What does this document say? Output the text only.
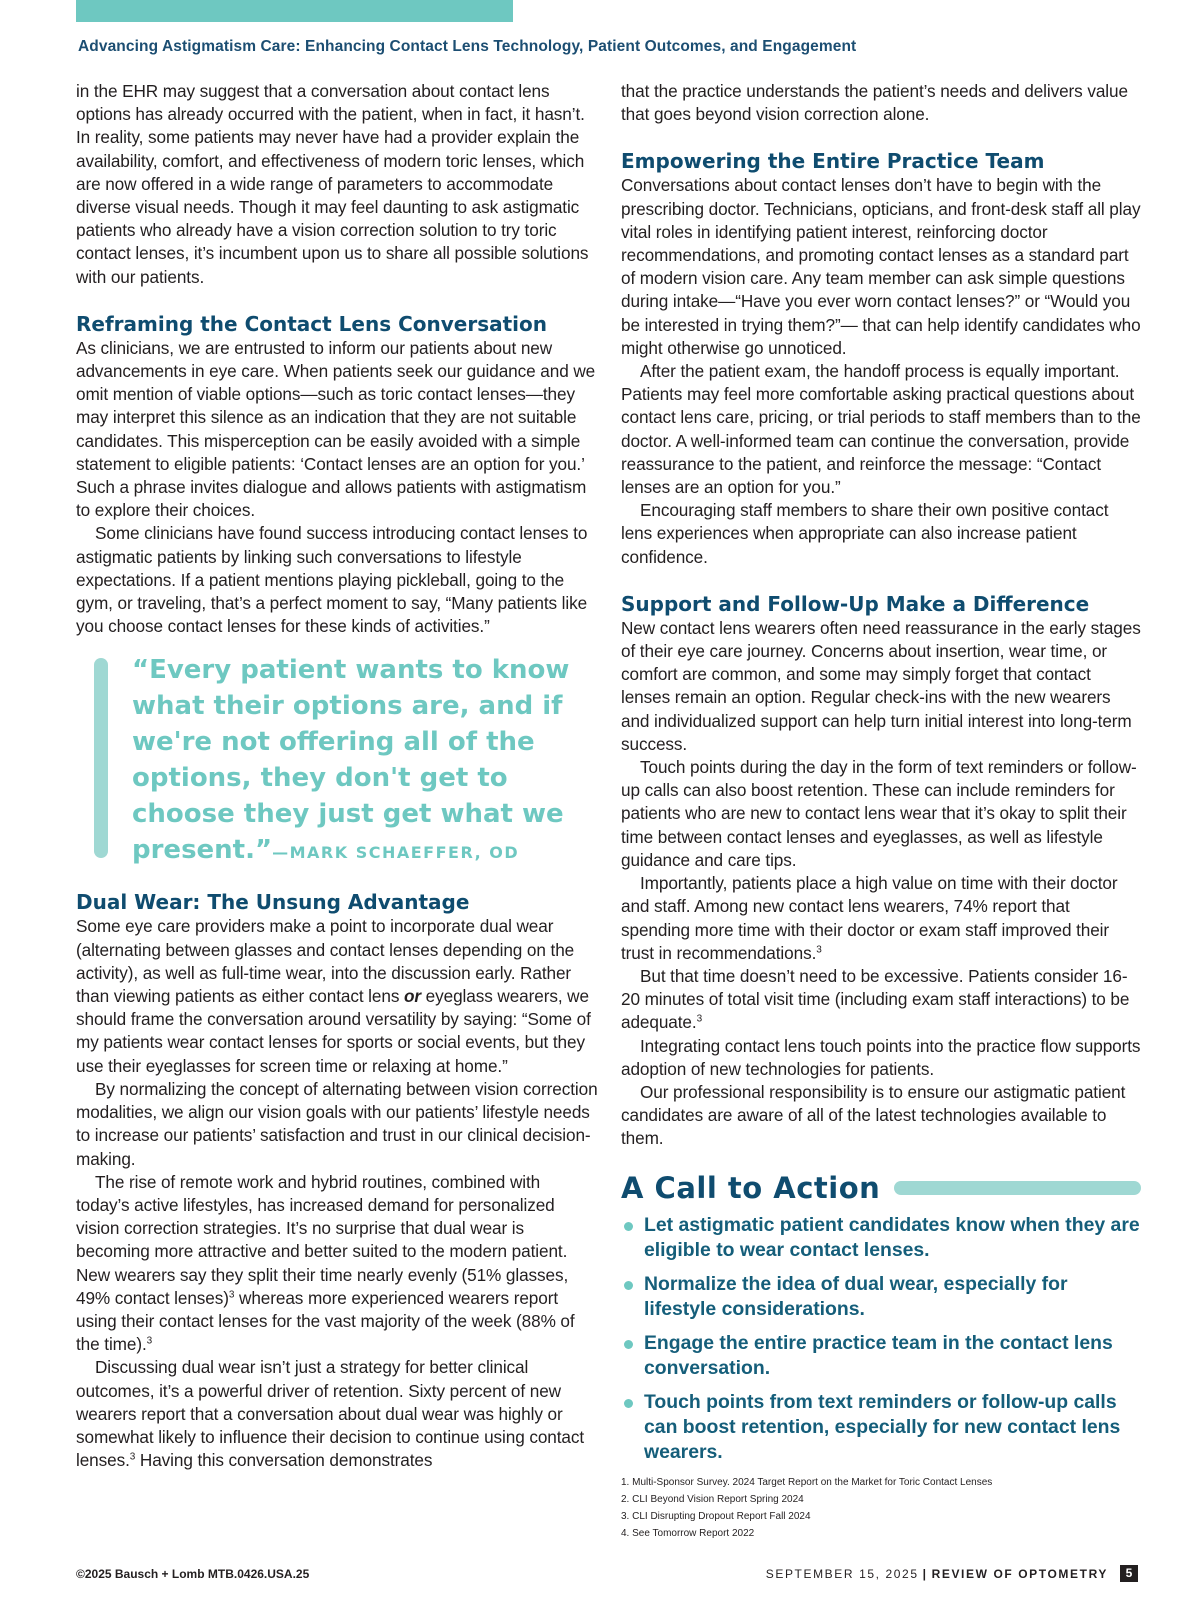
Advancing Astigmatism Care: Enhancing Contact Lens Technology, Patient Outcomes, and Engagement

in the EHR may suggest that a conversation about contact lens options has already occurred with the patient, when in fact, it hasn’t. In reality, some patients may never have had a provider explain the availability, comfort, and effectiveness of modern toric lenses, which are now offered in a wide range of parameters to accommodate diverse visual needs. Though it may feel daunting to ask astigmatic patients who already have a vision correction solution to try toric contact lenses, it’s incumbent upon us to share all possible solutions with our patients.

Reframing the Contact Lens Conversation

As clinicians, we are entrusted to inform our patients about new advancements in eye care. When patients seek our guidance and we omit mention of viable options—such as toric contact lenses—they may interpret this silence as an indication that they are not suitable candidates. This misperception can be easily avoided with a simple statement to eligible patients: ‘Contact lenses are an option for you.’ Such a phrase invites dialogue and allows patients with astigmatism to explore their choices.

Some clinicians have found success introducing contact lenses to astigmatic patients by linking such conversations to lifestyle expectations. If a patient mentions playing pickleball, going to the gym, or traveling, that’s a perfect moment to say, “Many patients like you choose contact lenses for these kinds of activities.”

“Every patient wants to know what their options are, and if we're not offering all of the options, they don't get to choose they just get what we present.”—MARK SCHAEFFER, OD
Dual Wear: The Unsung Advantage

Some eye care providers make a point to incorporate dual wear (alternating between glasses and contact lenses depending on the activity), as well as full-time wear, into the discussion early. Rather than viewing patients as either contact lens or eyeglass wearers, we should frame the conversation around versatility by saying: “Some of my patients wear contact lenses for sports or social events, but they use their eyeglasses for screen time or relaxing at home.”

By normalizing the concept of alternating between vision correction modalities, we align our vision goals with our patients’ lifestyle needs to increase our patients’ satisfaction and trust in our clinical decision-making.

The rise of remote work and hybrid routines, combined with today’s active lifestyles, has increased demand for personalized vision correction strategies. It’s no surprise that dual wear is becoming more attractive and better suited to the modern patient. New wearers say they split their time nearly evenly (51% glasses, 49% contact lenses)$^3$ whereas more experienced wearers report using their contact lenses for the vast majority of the week (88% of the time).$^3$

Discussing dual wear isn’t just a strategy for better clinical outcomes, it’s a powerful driver of retention. Sixty percent of new wearers report that a conversation about dual wear was highly or somewhat likely to influence their decision to continue using contact lenses.$^3$ Having this conversation demonstrates

that the practice understands the patient’s needs and delivers value that goes beyond vision correction alone.

Empowering the Entire Practice Team

Conversations about contact lenses don’t have to begin with the prescribing doctor. Technicians, opticians, and front-desk staff all play vital roles in identifying patient interest, reinforcing doctor recommendations, and promoting contact lenses as a standard part of modern vision care. Any team member can ask simple questions during intake—“Have you ever worn contact lenses?” or “Would you be interested in trying them?”— that can help identify candidates who might otherwise go unnoticed.

After the patient exam, the handoff process is equally important. Patients may feel more comfortable asking practical questions about contact lens care, pricing, or trial periods to staff members than to the doctor. A well-informed team can continue the conversation, provide reassurance to the patient, and reinforce the message: “Contact lenses are an option for you.”

Encouraging staff members to share their own positive contact lens experiences when appropriate can also increase patient confidence.

Support and Follow-Up Make a Difference

New contact lens wearers often need reassurance in the early stages of their eye care journey. Concerns about insertion, wear time, or comfort are common, and some may simply forget that contact lenses remain an option. Regular check-ins with the new wearers and individualized support can help turn initial interest into long-term success.

Touch points during the day in the form of text reminders or follow-up calls can also boost retention. These can include reminders for patients who are new to contact lens wear that it’s okay to split their time between contact lenses and eyeglasses, as well as lifestyle guidance and care tips.

Importantly, patients place a high value on time with their doctor and staff. Among new contact lens wearers, 74% report that spending more time with their doctor or exam staff improved their trust in recommendations.$^3$

But that time doesn’t need to be excessive. Patients consider 16-20 minutes of total visit time (including exam staff interactions) to be adequate.$^3$

Integrating contact lens touch points into the practice flow supports adoption of new technologies for patients.

Our professional responsibility is to ensure our astigmatic patient candidates are aware of all of the latest technologies available to them.

A Call to Action
Let astigmatic patient candidates know when they are eligible to wear contact lenses.
Normalize the idea of dual wear, especially for lifestyle considerations.
Engage the entire practice team in the contact lens conversation.
Touch points from text reminders or follow-up calls can boost retention, especially for new contact lens wearers.
1. Multi-Sponsor Survey. 2024 Target Report on the Market for Toric Contact Lenses
2. CLI Beyond Vision Report Spring 2024
3. CLI Disrupting Dropout Report Fall 2024
4. See Tomorrow Report 2022
©2025 Bausch + Lomb MTB.0426.USA.25	SEPTEMBER 15, 2025 | REVIEW OF OPTOMETRY	5
